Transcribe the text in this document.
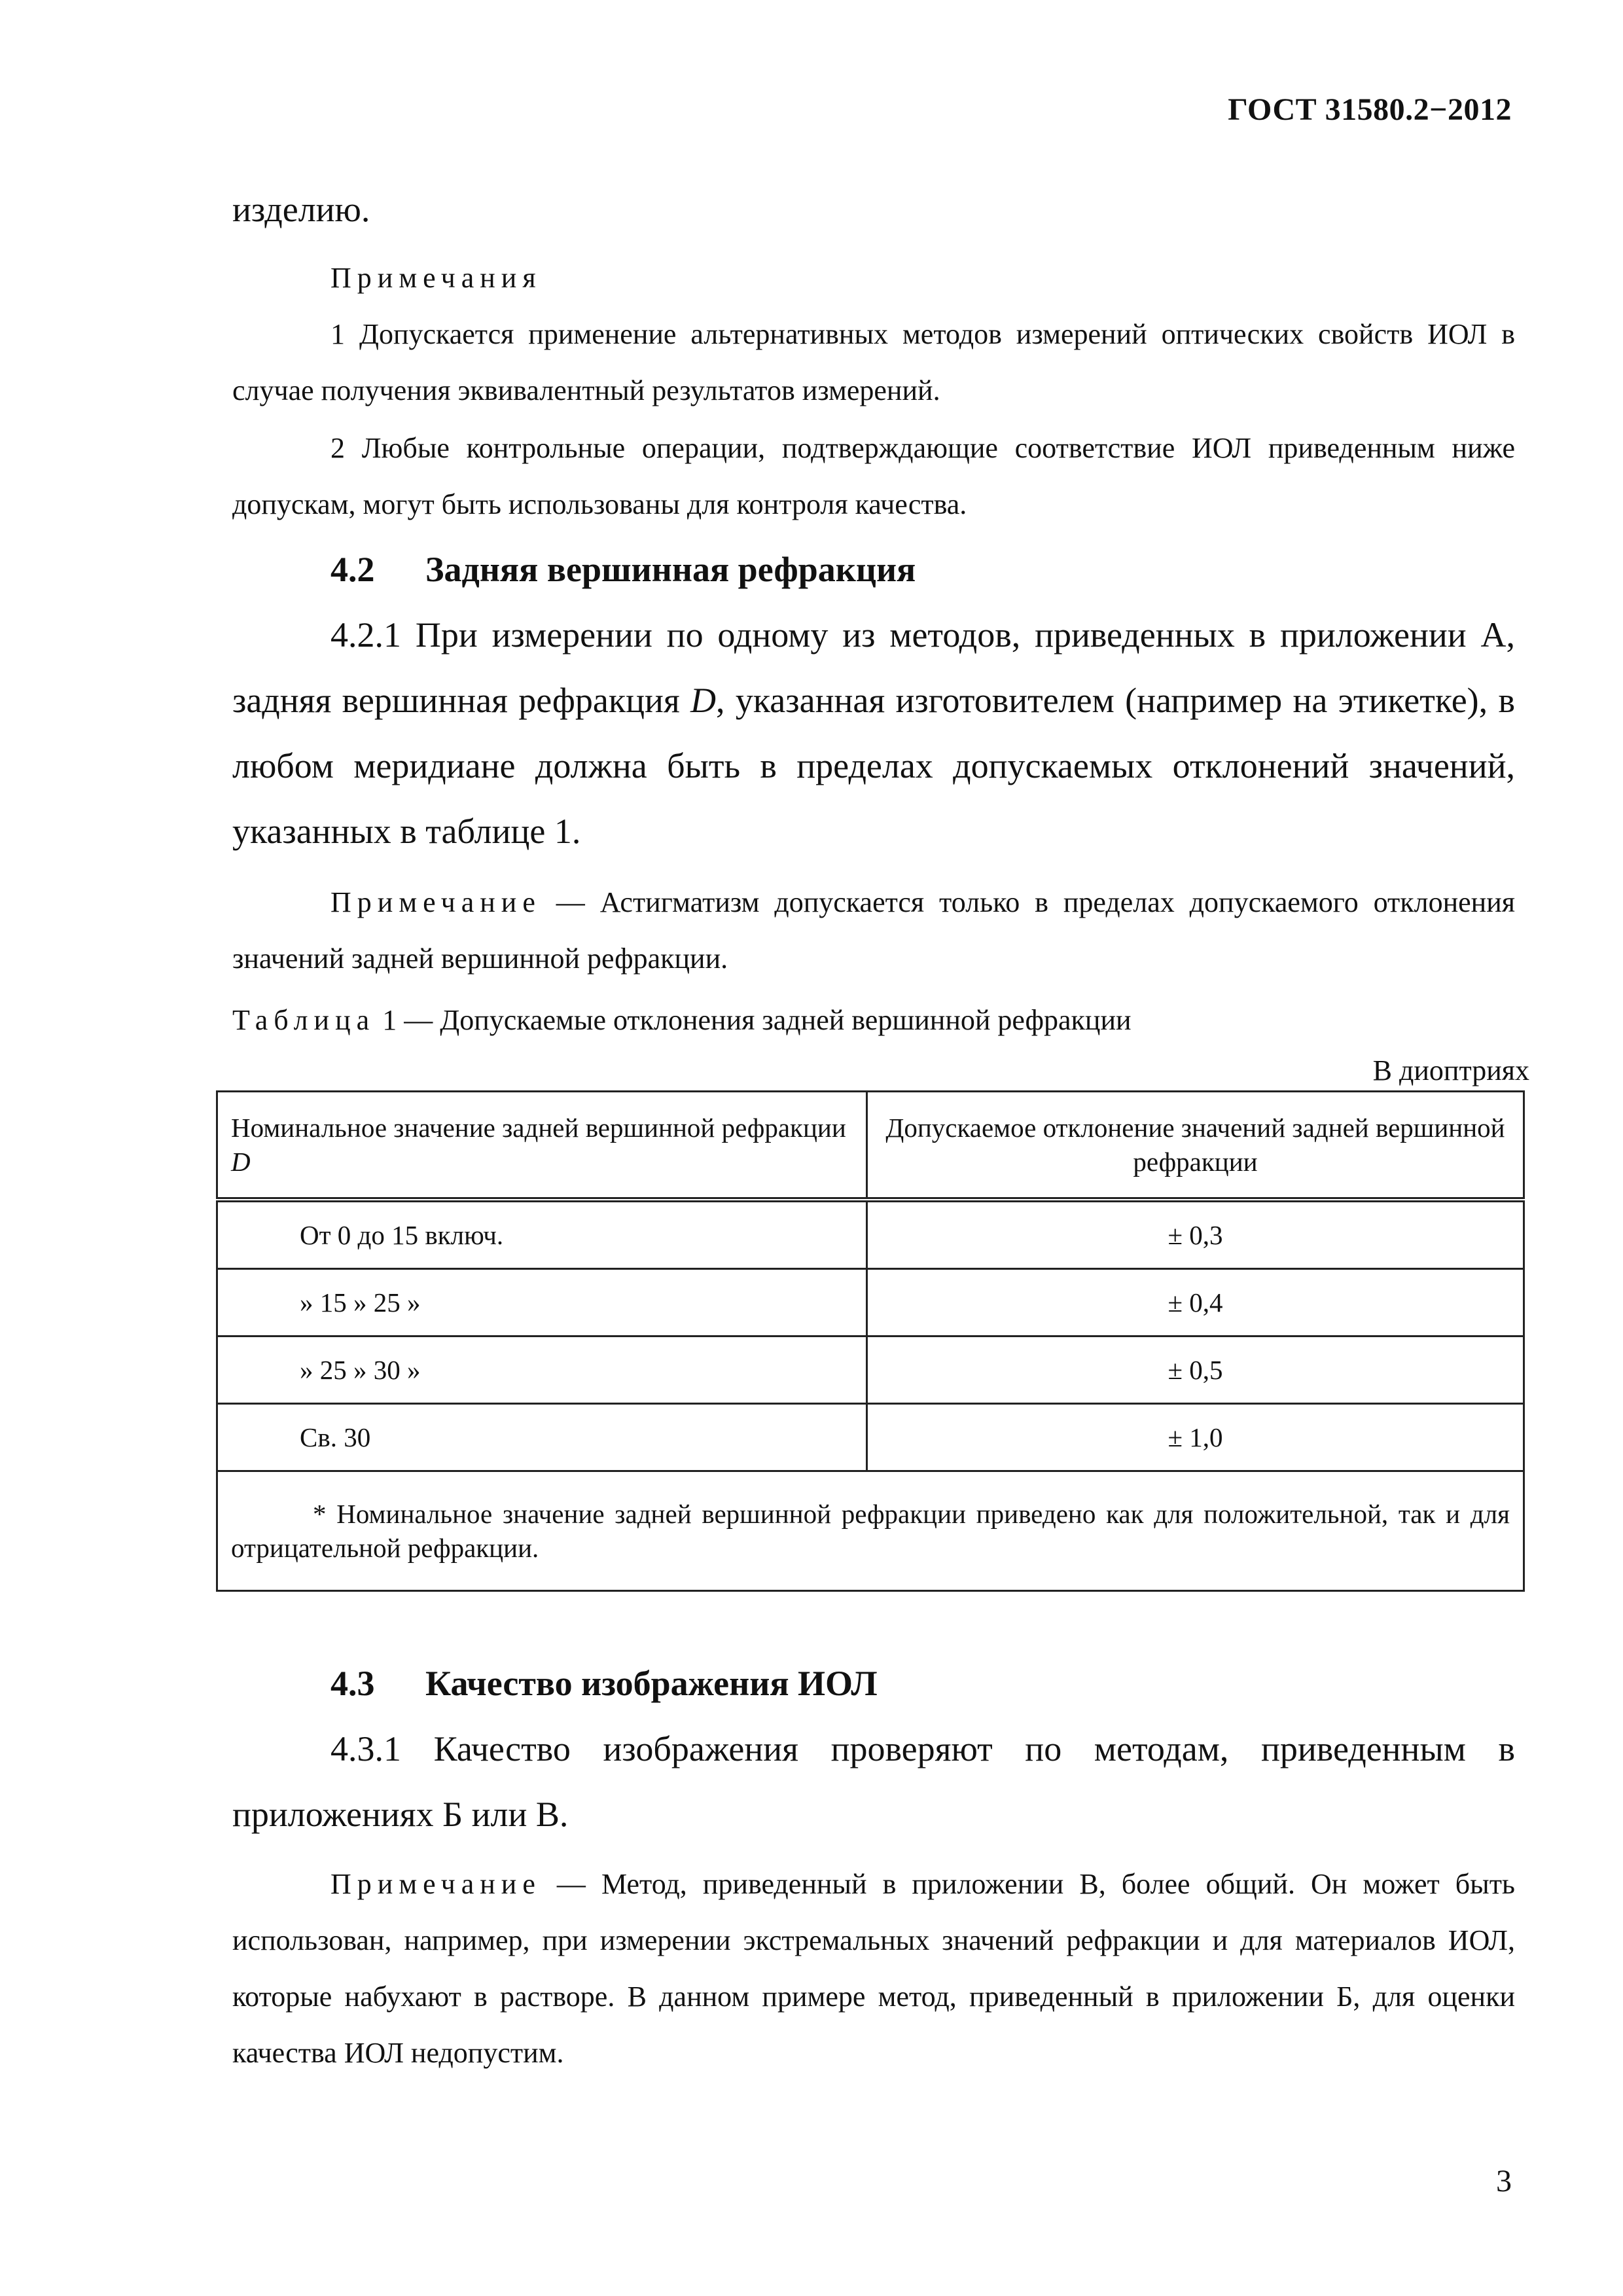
ГОСТ 31580.2−2012

изделию.

Примечания

1 Допускается применение альтернативных методов измерений оптических свойств ИОЛ в случае получения эквивалентный результатов измерений.

2 Любые контрольные операции, подтверждающие соответствие ИОЛ приведенным ниже допускам, могут быть использованы для контроля качества.

4.2 Задняя вершинная рефракция

4.2.1 При измерении по одному из методов, приведенных в приложении А, задняя вершинная рефракция D, указанная изготовителем (например на этикетке), в любом меридиане должна быть в пределах допускаемых отклонений значений, указанных в таблице 1.

Примечание — Астигматизм допускается только в пределах допускаемого отклонения значений задней вершинной рефракции.

Таблица 1 — Допускаемые отклонения задней вершинной рефракции

В диоптриях
Номинальное значение задней вершинной рефракции D	Допускаемое отклонение значений задней вершинной рефракции
От 0 до 15 включ.	± 0,3
» 15 » 25 »	± 0,4
» 25 » 30 »	± 0,5
Св. 30	± 1,0
* Номинальное значение задней вершинной рефракции приведено как для положительной, так и для отрицательной рефракции.	
4.3 Качество изображения ИОЛ

4.3.1 Качество изображения проверяют по методам, приведенным в приложениях Б или В.

Примечание — Метод, приведенный в приложении В, более общий. Он может быть использован, например, при измерении экстремальных значений рефракции и для материалов ИОЛ, которые набухают в растворе. В данном примере метод, приведенный в приложении Б, для оценки качества ИОЛ недопустим.

3
